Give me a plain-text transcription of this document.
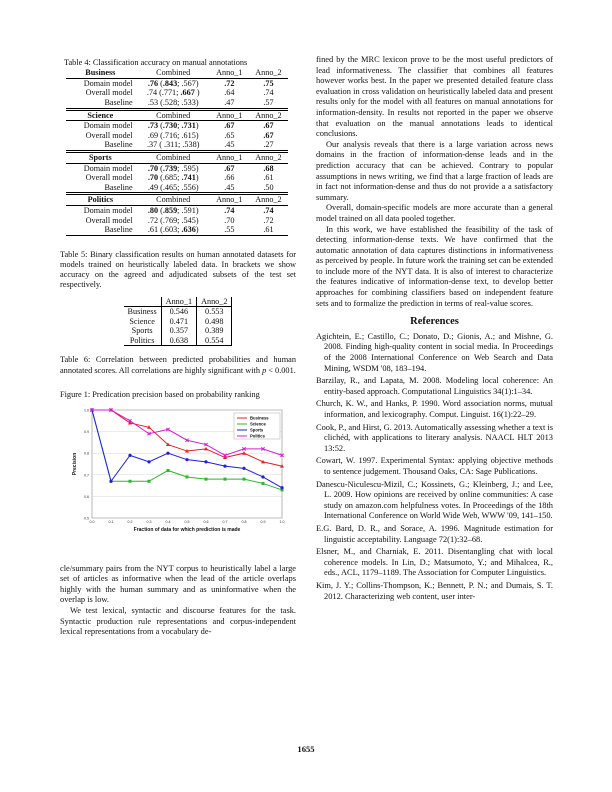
Table 4: Classification accuracy on manual annotations
Business	Combined	Anno_1	Anno_2
Domain model	.76 (.843; .567)	.72	.75
Overall model	.74 (.771; .667 )	.64	.74
Baseline	.53 (.528; .533)	.47	.57
Science	Combined	Anno_1	Anno_2
Domain model	.73 (.730; .731)	.67	.67
Overall model	.69 (.716; .615)	.65	.67
Baseline	.37 ( .311; .538)	.45	.27
Sports	Combined	Anno_1	Anno_2
Domain model	.70 (.739; .595)	.67	.68
Overall model	.70 (.685; .741)	.66	.61
Baseline	.49 (.465; .556)	.45	.50
Politics	Combined	Anno_1	Anno_2
Domain model	.80 (.859; .591)	.74	.74
Overall model	.72 (.769; .545)	.70	.72
Baseline	.61 (.603; .636)	.55	.61
Table 5: Binary classification results on human annotated datasets for models trained on heuristically labeled data. In brackets we show accuracy on the agreed and adjudicated subsets of the test set respectively.
	Anno_1	Anno_2
Business	0.546	0.553
Science	0.471	0.498
Sports	0.357	0.389
Politics	0.638	0.554
Table 6: Correlation between predicted probabilities and human annotated scores. All correlations are highly significant with p < 0.001.
Figure 1: Predication precision based on probability ranking
0.5
0.6
0.7
0.8
0.9
1.0
0.0	0.1	0.2	0.3	0.4	0.5	0.6	0.7	0.8	0.9	1.0
Fraction of data for which prediction is made
Precision
Business
Science
Sports
Politics

cle/summary pairs from the NYT corpus to heuristically label a large set of articles as informative when the lead of the article overlaps highly with the human summary and as uninformative when the overlap is low.

We test lexical, syntactic and discourse features for the task. Syntactic production rule representations and corpus-independent lexical representations from a vocabulary de-

fined by the MRC lexicon prove to be the most useful predictors of lead informativeness. The classifier that combines all features however works best. In the paper we presented detailed feature class evaluation in cross validation on heuristically labeled data and present results only for the model with all features on manual annotations for information-density. In results not reported in the paper we observe that evaluation on the manual annotations leads to identical conclusions.

Our analysis reveals that there is a large variation across news domains in the fraction of information-dense leads and in the prediction accuracy that can be achieved. Contrary to popular assumptions in news writing, we find that a large fraction of leads are in fact not information-dense and thus do not provide a a satisfactory summary.

Overall, domain-specific models are more accurate than a general model trained on all data pooled together.

In this work, we have established the feasibility of the task of detecting information-dense texts. We have confirmed that the automatic annotation of data captures distinctions in informativeness as perceived by people. In future work the training set can be extended to include more of the NYT data. It is also of interest to characterize the features indicative of information-dense text, to develop better approaches for combining classifiers based on independent feature sets and to formalize the prediction in terms of real-value scores.

References

Agichtein, E.; Castillo, C.; Donato, D.; Gionis, A.; and Mishne, G. 2008. Finding high-quality content in social media. In Proceedings of the 2008 International Conference on Web Search and Data Mining, WSDM '08, 183–194.

Barzilay, R., and Lapata, M. 2008. Modeling local coherence: An entity-based approach. Computational Linguistics 34(1):1–34.

Church, K. W., and Hanks, P. 1990. Word association norms, mutual information, and lexicography. Comput. Linguist. 16(1):22–29.

Cook, P., and Hirst, G. 2013. Automatically assessing whether a text is clichéd, with applications to literary analysis. NAACL HLT 2013 13:52.

Cowart, W. 1997. Experimental Syntax: applying objective methods to sentence judgement. Thousand Oaks, CA: Sage Publications.

Danescu-Niculescu-Mizil, C.; Kossinets, G.; Kleinberg, J.; and Lee, L. 2009. How opinions are received by online communities: A case study on amazon.com helpfulness votes. In Proceedings of the 18th International Conference on World Wide Web, WWW '09, 141–150.

E.G. Bard, D. R., and Sorace, A. 1996. Magnitude estimation for linguistic acceptability. Language 72(1):32–68.

Elsner, M., and Charniak, E. 2011. Disentangling chat with local coherence models. In Lin, D.; Matsumoto, Y.; and Mihalcea, R., eds., ACL, 1179–1189. The Association for Computer Linguistics.

Kim, J. Y.; Collins-Thompson, K.; Bennett, P. N.; and Dumais, S. T. 2012. Characterizing web content, user inter-

1655
